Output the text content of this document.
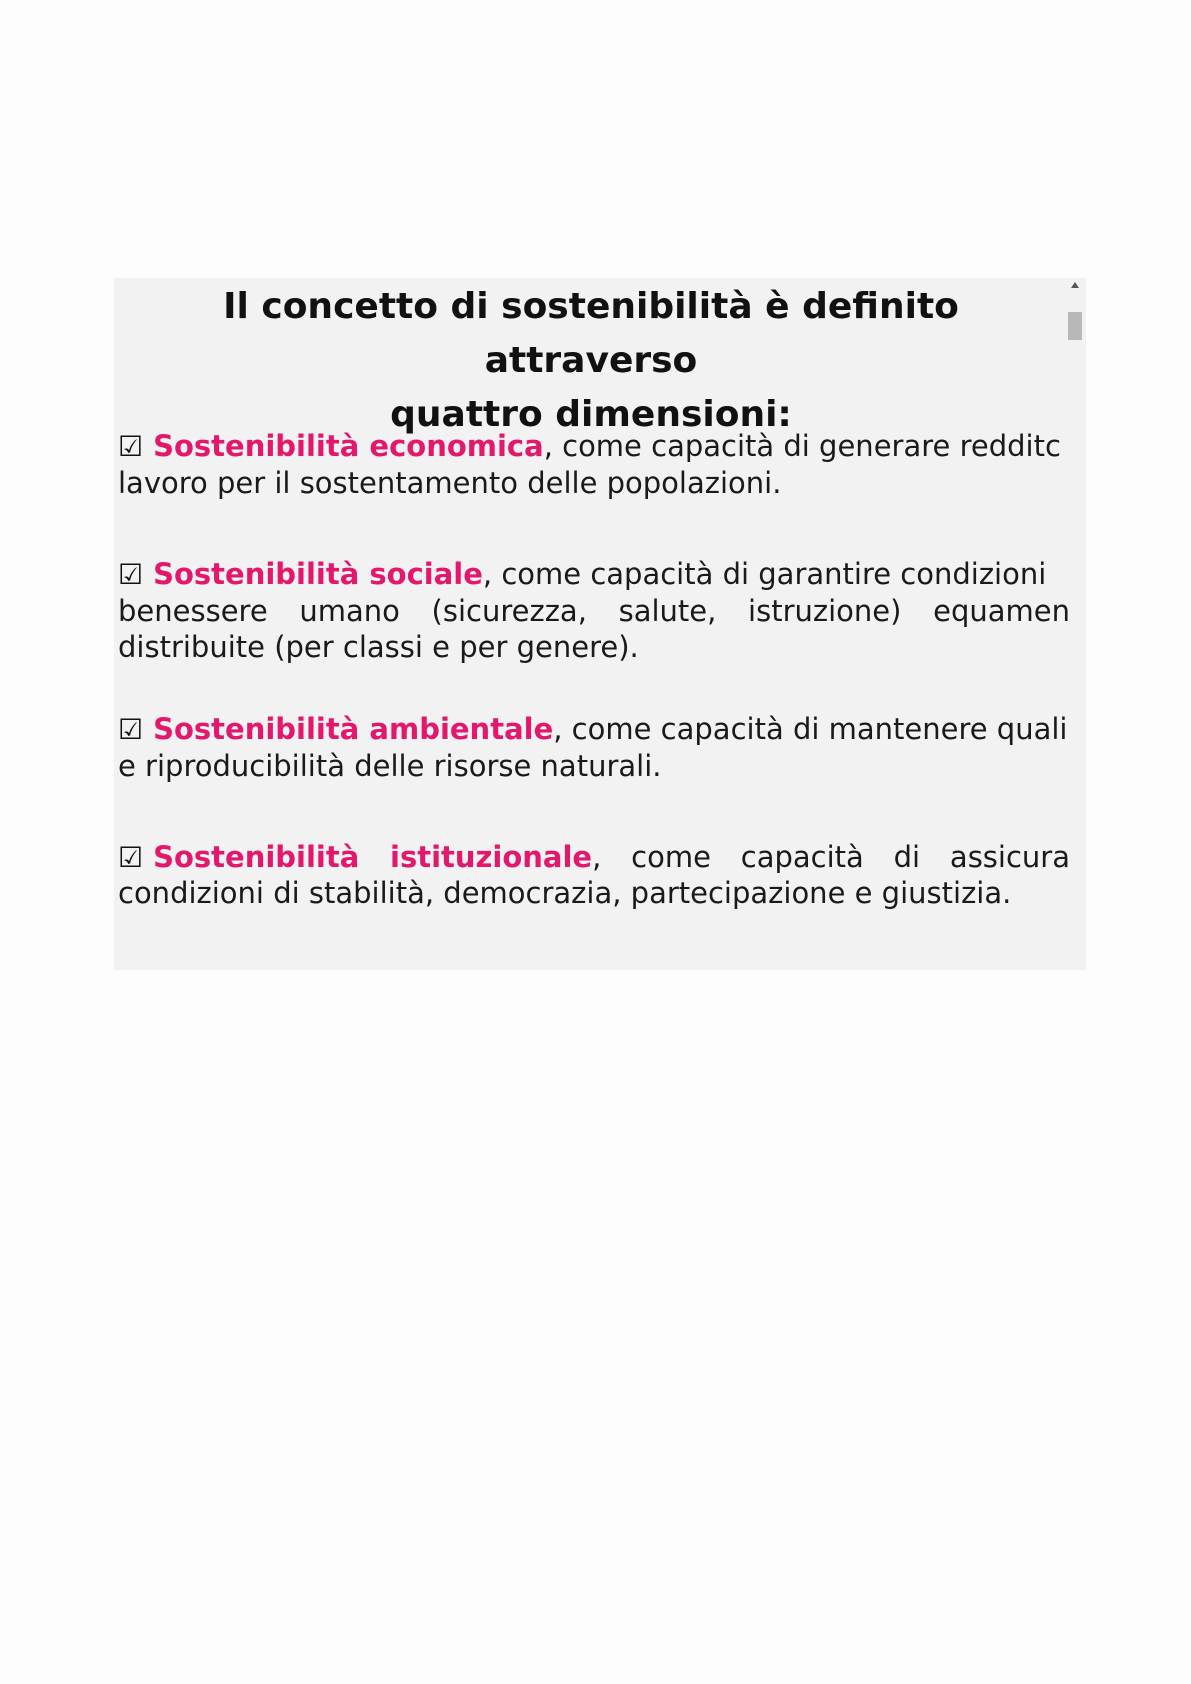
Il concetto di sostenibilità è definito attraverso
quattro dimensioni:
☑ Sostenibilità economica, come capacità di generare redditc
lavoro per il sostentamento delle popolazioni.
☑ Sostenibilità sociale, come capacità di garantire condizioni
benessere umano (sicurezza, salute, istruzione) equamen
distribuite (per classi e per genere).
☑ Sostenibilità ambientale, come capacità di mantenere quali
e riproducibilità delle risorse naturali.
☑ Sostenibilità istituzionale, come capacità di assicura
condizioni di stabilità, democrazia, partecipazione e giustizia.
